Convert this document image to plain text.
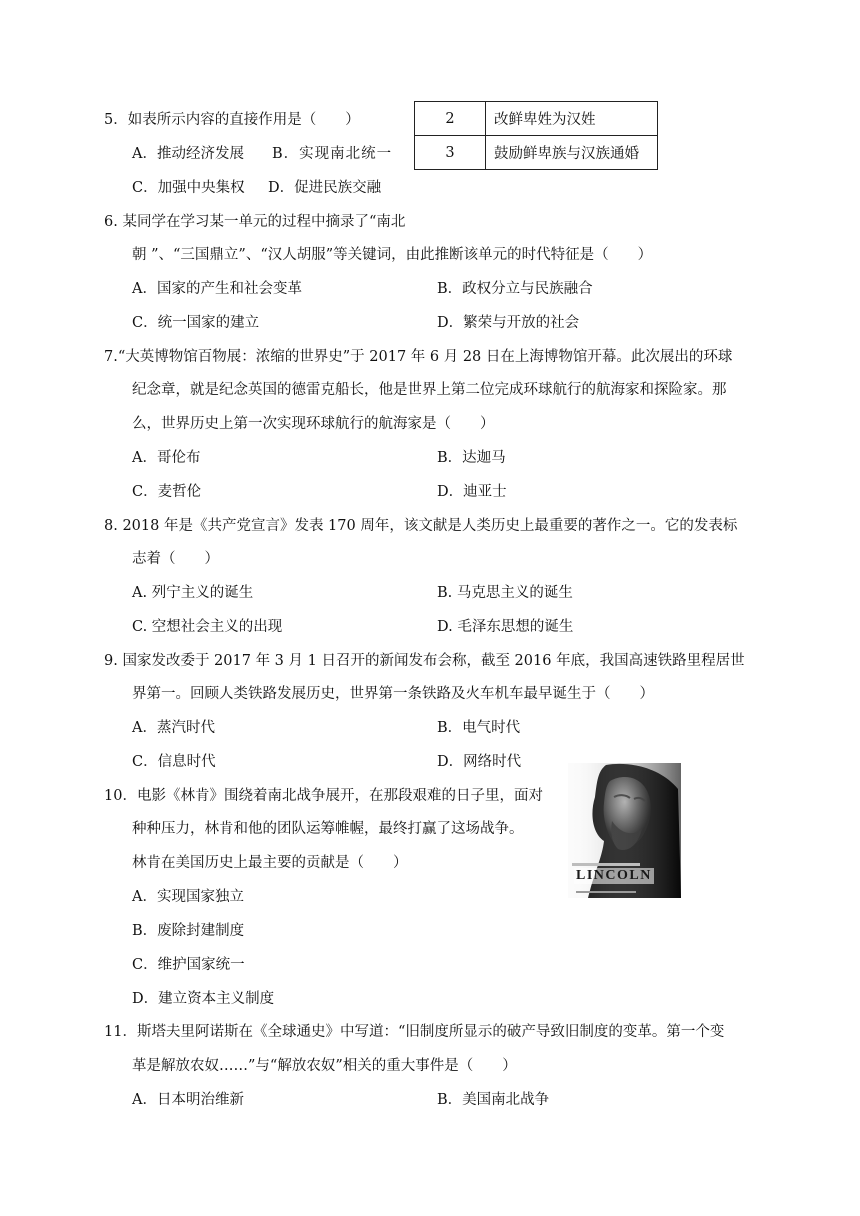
5．如表所示内容的直接作用是（　　）
A．推动经济发展 B．实现南北统一
C．加强中央集权 D．促进民族交融
2	改鲜卑姓为汉姓
3	鼓励鲜卑族与汉族通婚
6. 某同学在学习某一单元的过程中摘录了“南北
朝 ”、“三国鼎立”、“汉人胡服”等关键词，由此推断该单元的时代特征是（　　）
A．国家的产生和社会变革	B．政权分立与民族融合
C．统一国家的建立	D．繁荣与开放的社会
7.“大英博物馆百物展：浓缩的世界史”于 2017 年 6 月 28 日在上海博物馆开幕。此次展出的环球
纪念章，就是纪念英国的德雷克船长，他是世界上第二位完成环球航行的航海家和探险家。那
么，世界历史上第一次实现环球航行的航海家是（　　）
A．哥伦布	B．达迦马
C．麦哲伦	D．迪亚士
8. 2018 年是《共产党宣言》发表 170 周年，该文献是人类历史上最重要的著作之一。它的发表标
志着（　　）
A. 列宁主义的诞生	B. 马克思主义的诞生
C. 空想社会主义的出现	D. 毛泽东思想的诞生
9. 国家发改委于 2017 年 3 月 1 日召开的新闻发布会称，截至 2016 年底，我国高速铁路里程居世
界第一。回顾人类铁路发展历史，世界第一条铁路及火车机车最早诞生于（　　）
A．蒸汽时代	B．电气时代
C．信息时代	D．网络时代
10．电影《林肯》围绕着南北战争展开，在那段艰难的日子里，面对
种种压力，林肯和他的团队运筹帷幄，最终打赢了这场战争。
林肯在美国历史上最主要的贡献是（　　）
A．实现国家独立
B．废除封建制度
C．维护国家统一
D．建立资本主义制度
LINCOLN
11．斯塔夫里阿诺斯在《全球通史》中写道：“旧制度所显示的破产导致旧制度的变革。第一个变
革是解放农奴……”与“解放农奴”相关的重大事件是（　　）
A．日本明治维新	B．美国南北战争
